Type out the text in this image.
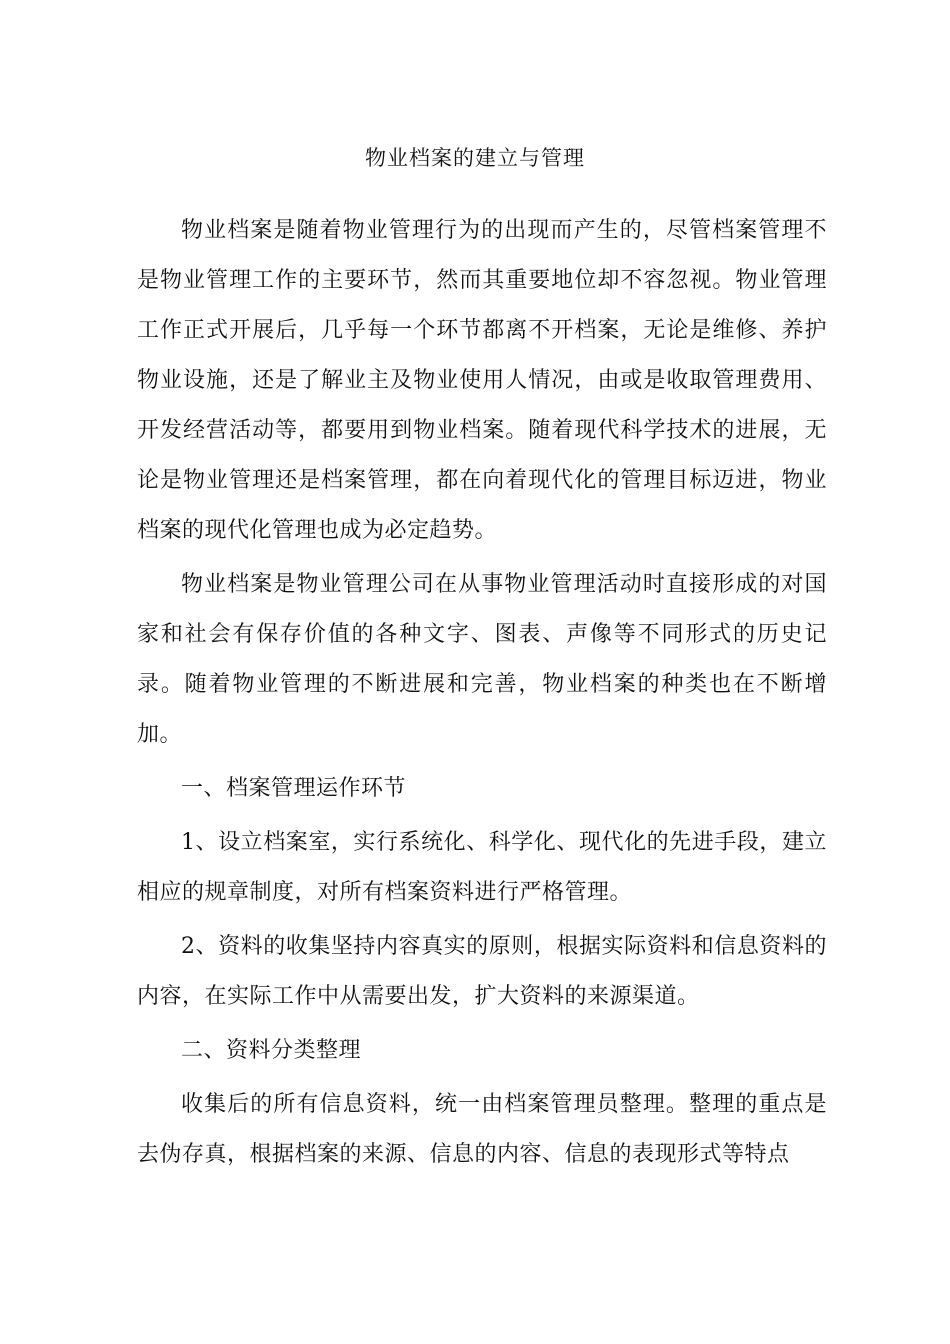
物业档案的建立与管理

物业档案是随着物业管理行为的出现而产生的，尽管档案管理不是物业管理工作的主要环节，然而其重要地位却不容忽视。物业管理工作正式开展后，几乎每一个环节都离不开档案，无论是维修、养护物业设施，还是了解业主及物业使用人情况，由或是收取管理费用、  开发经营活动等，都要用到物业档案。随着现代科学技术的进展，无  论是物业管理还是档案管理，都在向着现代化的管理目标迈进，物业  档案的现代化管理也成为必定趋势。

物业档案是物业管理公司在从事物业管理活动时直接形成的对国家和社会有保存价值的各种文字、图表、声像等不同形式的历史记录。随着物业管理的不断进展和完善，物业档案的种类也在不断增加。

一、档案管理运作环节

1、设立档案室，实行系统化、科学化、现代化的先进手段，建立相应的规章制度，对所有档案资料进行严格管理。

2、资料的收集坚持内容真实的原则，根据实际资料和信息资料的内容，在实际工作中从需要出发，扩大资料的来源渠道。

二、资料分类整理

收集后的所有信息资料，统一由档案管理员整理。整理的重点是去伪存真，根据档案的来源、信息的内容、信息的表现形式等特点
